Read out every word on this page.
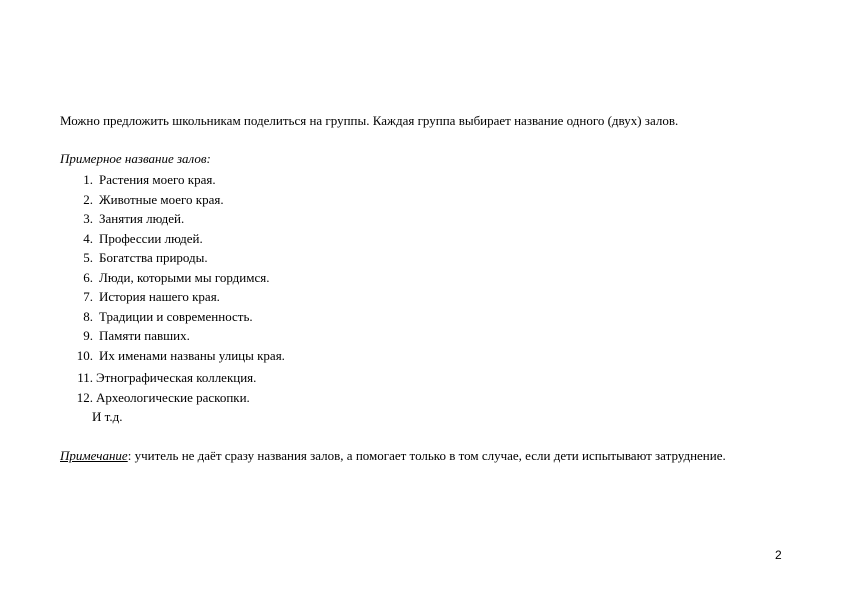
Можно предложить школьникам поделиться на группы. Каждая группа выбирает название одного (двух) залов.

Примерное название залов:

1. Растения моего края.
2. Животные моего края.
3. Занятия людей.
4. Профессии людей.
5. Богатства природы.
6. Люди, которыми мы гордимся.
7. История нашего края.
8. Традиции и современность.
9. Памяти павших.
10. Их именами названы улицы края.
11. Этнографическая коллекция.
12. Археологические раскопки.

И т.д.

Примечание: учитель не даёт сразу названия залов, а помогает только в том случае, если дети испытывают затруднение.

2
